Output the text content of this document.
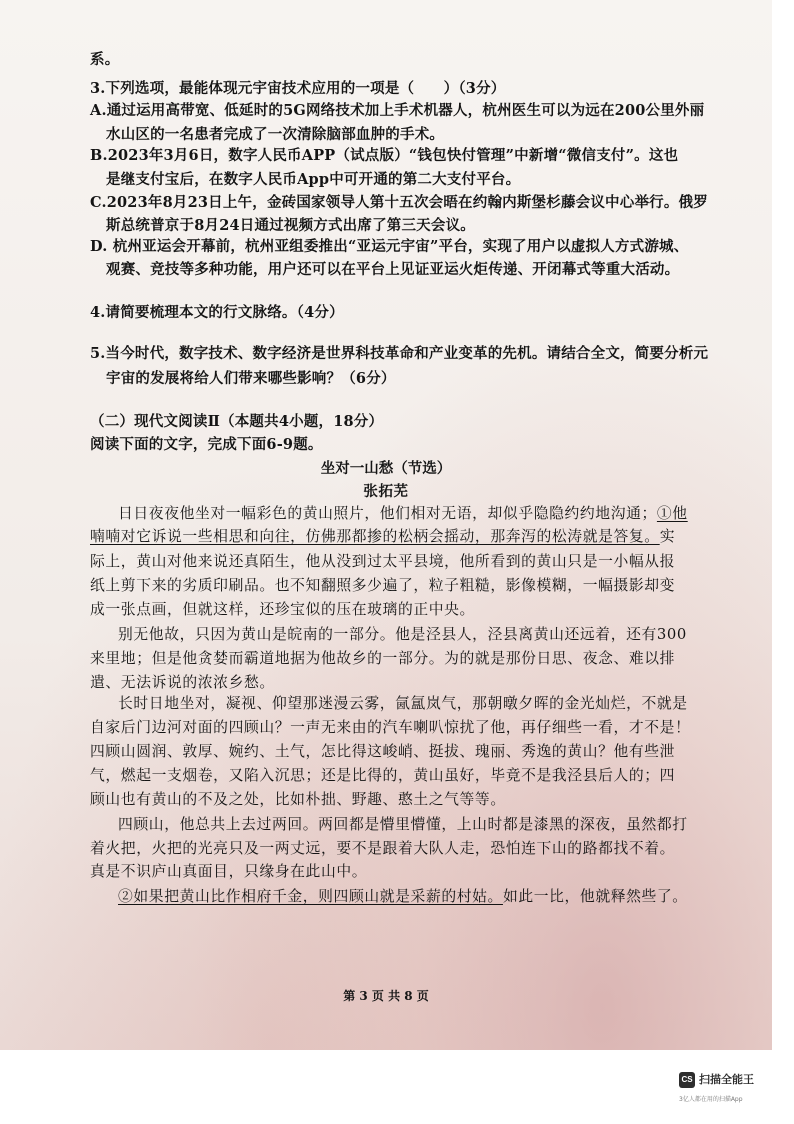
系。
3.下列选项，最能体现元宇宙技术应用的一项是（　　）（3分）
A.通过运用高带宽、低延时的5G网络技术加上手术机器人，杭州医生可以为远在200公里外丽
水山区的一名患者完成了一次清除脑部血肿的手术。
B.2023年3月6日，数字人民币APP（试点版）“钱包快付管理”中新增“微信支付”。这也
是继支付宝后，在数字人民币App中可开通的第二大支付平台。
C.2023年8月23日上午，金砖国家领导人第十五次会晤在约翰内斯堡杉藤会议中心举行。俄罗
斯总统普京于8月24日通过视频方式出席了第三天会议。
D. 杭州亚运会开幕前，杭州亚组委推出“亚运元宇宙”平台，实现了用户以虚拟人方式游城、
观赛、竞技等多种功能，用户还可以在平台上见证亚运火炬传递、开闭幕式等重大活动。
4.请简要梳理本文的行文脉络。（4分）
5.当今时代，数字技术、数字经济是世界科技革命和产业变革的先机。请结合全文，简要分析元
宇宙的发展将给人们带来哪些影响？（6分）
（二）现代文阅读Ⅱ（本题共4小题，18分）
阅读下面的文字，完成下面6-9题。
坐对一山愁（节选）
张拓芜
日日夜夜他坐对一幅彩色的黄山照片，他们相对无语，却似乎隐隐约约地沟通；①他
喃喃对它诉说一些相思和向往，仿佛那都掺的松柄会摇动，那奔泻的松涛就是答复。实
际上，黄山对他来说还真陌生，他从没到过太平县境，他所看到的黄山只是一小幅从报
纸上剪下来的劣质印刷品。也不知翻照多少遍了，粒子粗糙，影像模糊，一幅摄影却变
成一张点画，但就这样，还珍宝似的压在玻璃的正中央。
别无他故，只因为黄山是皖南的一部分。他是泾县人，泾县离黄山还远着，还有300
来里地；但是他贪婪而霸道地据为他故乡的一部分。为的就是那份日思、夜念、难以排
遣、无法诉说的浓浓乡愁。
长时日地坐对，凝视、仰望那迷漫云雾，氤氲岚气，那朝暾夕晖的金光灿烂，不就是
自家后门边河对面的四顾山？一声无来由的汽车喇叭惊扰了他，再仔细些一看，才不是！
四顾山圆润、敦厚、婉约、土气，怎比得这峻峭、挺拔、瑰丽、秀逸的黄山？他有些泄
气，燃起一支烟卷，又陷入沉思；还是比得的，黄山虽好，毕竟不是我泾县后人的；四
顾山也有黄山的不及之处，比如朴拙、野趣、憨土之气等等。
四顾山，他总共上去过两回。两回都是懵里懵懂，上山时都是漆黑的深夜，虽然都打
着火把，火把的光亮只及一两丈远，要不是跟着大队人走，恐怕连下山的路都找不着。
真是不识庐山真面目，只缘身在此山中。
②如果把黄山比作相府千金，则四顾山就是采薪的村姑。如此一比，他就释然些了。
第 3 页 共 8 页
CS 扫描全能王
3亿人都在用的扫描App
